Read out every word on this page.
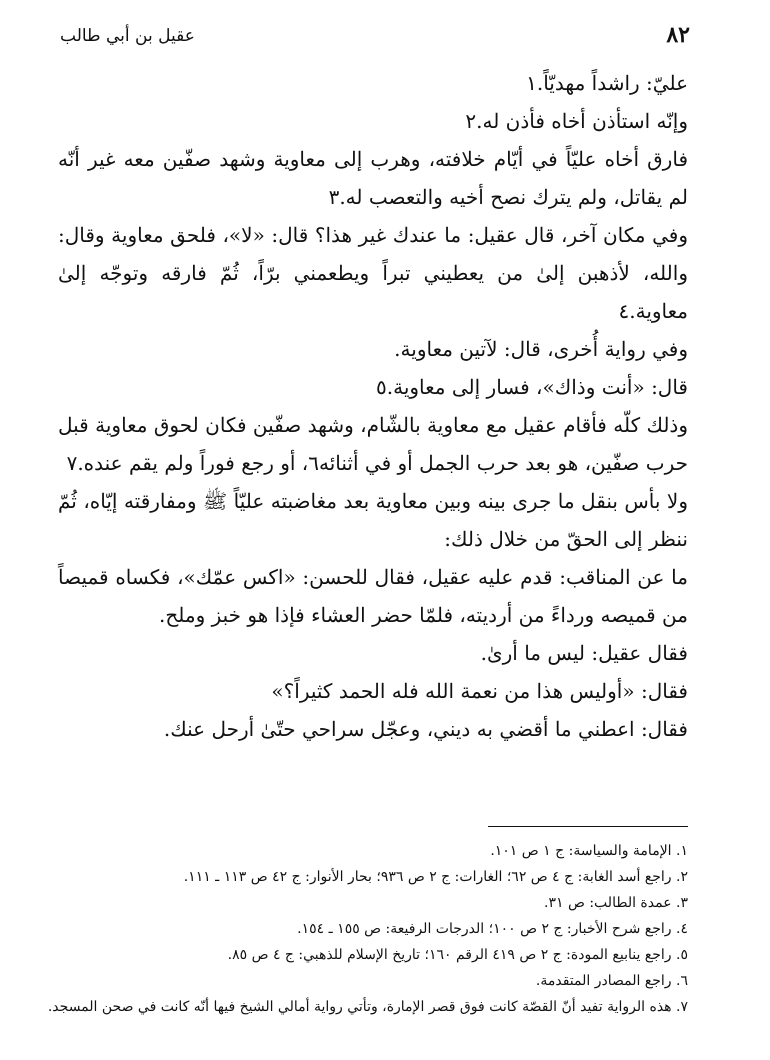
٨٢
عقيل بن أبي طالب

عليّ: راشداً مهديّاً.١

وإنّه استأذن أخاه فأذن له.٢

فارق أخاه عليّاً في أيّام خلافته، وهرب إلى معاوية وشهد صفّين معه غير أنّه لم يقاتل، ولم يترك نصح أخيه والتعصب له.٣

وفي مكان آخر، قال عقيل: ما عندك غير هذا؟ قال: «لا»، فلحق معاوية وقال: والله، لأذهبن إلىٰ من يعطيني تبراً ويطعمني برّاً، ثُمّ فارقه وتوجّه إلىٰ معاوية.٤

وفي رواية أُخرى، قال: لآتين معاوية.

قال: «أنت وذاك»، فسار إلى معاوية.٥

وذلك كلّه فأقام عقيل مع معاوية بالشّام، وشهد صفّين فكان لحوق معاوية قبل حرب صفّين، هو بعد حرب الجمل أو في أثنائه٦، أو رجع فوراً ولم يقم عنده.٧

ولا بأس بنقل ما جرى بينه وبين معاوية بعد مغاضبته عليّاً ﷺ ومفارقته إيّاه، ثُمّ ننظر إلى الحقّ من خلال ذلك:

ما عن المناقب: قدم عليه عقيل، فقال للحسن: «اكس عمّك»، فكساه قميصاً من قميصه ورداءً من أرديته، فلمّا حضر العشاء فإذا هو خبز وملح.

فقال عقيل: ليس ما أرىٰ.

فقال: «أوليس هذا من نعمة الله فله الحمد كثيراً؟»

فقال: اعطني ما أقضي به ديني، وعجّل سراحي حتّىٰ أرحل عنك.

١. الإمامة والسياسة: ج ١ ص ١٠١.

٢. راجع أسد الغابة: ج ٤ ص ٦٢؛ الغارات: ج ٢ ص ٩٣٦؛ بحار الأنوار: ج ٤٢ ص ١١٣ ـ ١١١.

٣. عمدة الطالب: ص ٣١.

٤. راجع شرح الأخبار: ج ٢ ص ١٠٠؛ الدرجات الرفيعة: ص ١٥٥ ـ ١٥٤.

٥. راجع ينابيع المودة: ج ٢ ص ٤١٩ الرقم ١٦٠؛ تاريخ الإسلام للذهبي: ج ٤ ص ٨٥.

٦. راجع المصادر المتقدمة.

٧. هذه الرواية تفيد أنّ القصّة كانت فوق قصر الإمارة، وتأتي رواية أمالي الشيخ فيها أنّه كانت في صحن المسجد.
